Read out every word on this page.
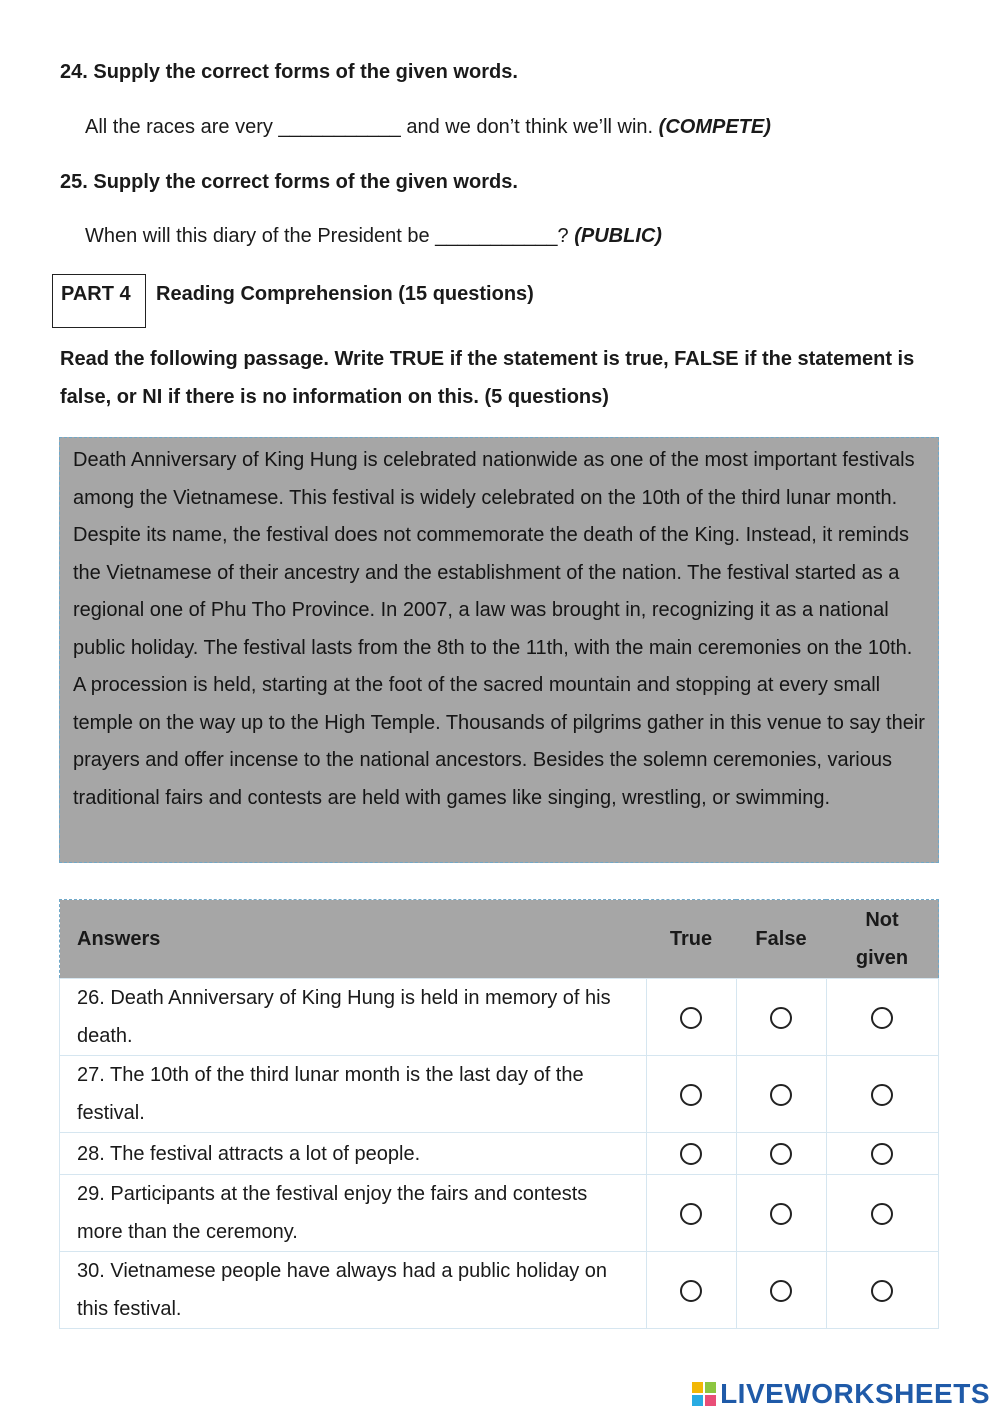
24. Supply the correct forms of the given words.
All the races are very ___________ and we don’t think we’ll win. (COMPETE)
25. Supply the correct forms of the given words.
When will this diary of the President be ___________? (PUBLIC)
PART 4	Reading Comprehension (15 questions)
Read the following passage. Write TRUE if the statement is true, FALSE if the statement is false, or NI if there is no information on this. (5 questions)
Death Anniversary of King Hung is celebrated nationwide as one of the most important festivals among the Vietnamese. This festival is widely celebrated on the 10th of the third lunar month. Despite its name, the festival does not commemorate the death of the King. Instead, it reminds the Vietnamese of their ancestry and the establishment of the nation. The festival started as a regional one of Phu Tho Province. In 2007, a law was brought in, recognizing it as a national public holiday. The festival lasts from the 8th to the 11th, with the main ceremonies on the 10th. A procession is held, starting at the foot of the sacred mountain and stopping at every small temple on the way up to the High Temple. Thousands of pilgrims gather in this venue to say their prayers and offer incense to the national ancestors. Besides the solemn ceremonies, various traditional fairs and contests are held with games like singing, wrestling, or swimming.
Answers	True	False	Not given
26. Death Anniversary of King Hung is held in memory of his death.			
27. The 10th of the third lunar month is the last day of the festival.			
28. The festival attracts a lot of people.			
29. Participants at the festival enjoy the fairs and contests more than the ceremony.			
30. Vietnamese people have always had a public holiday on this festival.			
LIVEWORKSHEETS
